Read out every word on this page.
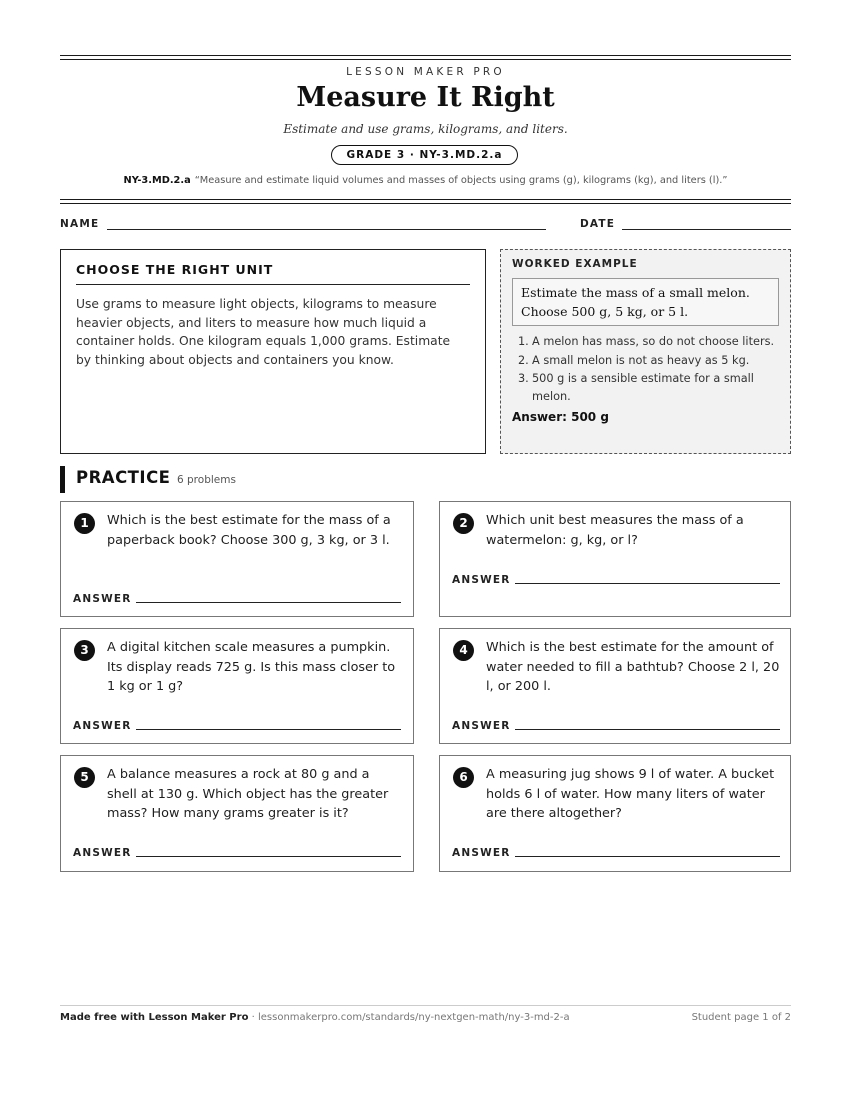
LESSON MAKER PRO
Measure It Right
Estimate and use grams, kilograms, and liters.
GRADE 3 · NY-3.MD.2.a
NY-3.MD.2.a “Measure and estimate liquid volumes and masses of objects using grams (g), kilograms (kg), and liters (l).”
NAME	DATE
CHOOSE THE RIGHT UNIT
Use grams to measure light objects, kilograms to measure heavier objects, and liters to measure how much liquid a container holds. One kilogram equals 1,000 grams. Estimate by thinking about objects and containers you know.
WORKED EXAMPLE
Estimate the mass of a small melon. Choose 500 g, 5 kg, or 5 l.
1. A melon has mass, so do not choose liters.
2. A small melon is not as heavy as 5 kg.
3. 500 g is a sensible estimate for a small melon.
Answer: 500 g
PRACTICE 6 problems
1	Which is the best estimate for the mass of a paperback book? Choose 300 g, 3 kg, or 3 l.
ANSWER
2	Which unit best measures the mass of a watermelon: g, kg, or l?
ANSWER
3	A digital kitchen scale measures a pumpkin. Its display reads 725 g. Is this mass closer to 1 kg or 1 g?
ANSWER
4	Which is the best estimate for the amount of water needed to fill a bathtub? Choose 2 l, 20 l, or 200 l.
ANSWER
5	A balance measures a rock at 80 g and a shell at 130 g. Which object has the greater mass? How many grams greater is it?
ANSWER
6	A measuring jug shows 9 l of water. A bucket holds 6 l of water. How many liters of water are there altogether?
ANSWER
Made free with Lesson Maker Pro · lessonmakerpro.com/standards/ny-nextgen-math/ny-3-md-2-a	Student page 1 of 2
